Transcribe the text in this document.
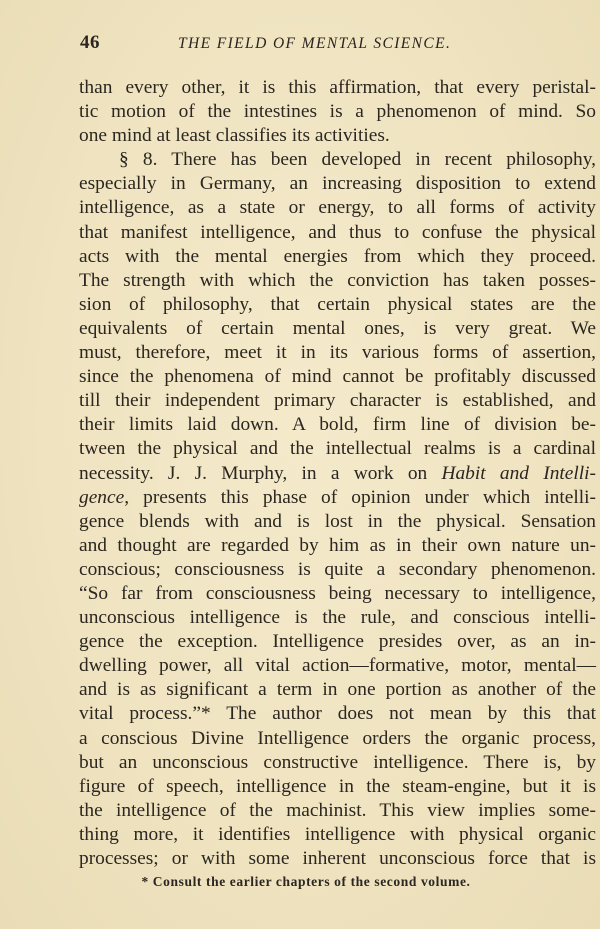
46	THE FIELD OF MENTAL SCIENCE.
than every other, it is this affirmation, that every peristal-
tic motion of the intestines is a phenomenon of mind. So
one mind at least classifies its activities.
§ 8. There has been developed in recent philosophy,
especially in Germany, an increasing disposition to extend
intelligence, as a state or energy, to all forms of activity
that manifest intelligence, and thus to confuse the physical
acts with the mental energies from which they proceed.
The strength with which the conviction has taken posses-
sion of philosophy, that certain physical states are the
equivalents of certain mental ones, is very great. We
must, therefore, meet it in its various forms of assertion,
since the phenomena of mind cannot be profitably discussed
till their independent primary character is established, and
their limits laid down. A bold, firm line of division be-
tween the physical and the intellectual realms is a cardinal
necessity. J. J. Murphy, in a work on Habit and Intelli-
gence, presents this phase of opinion under which intelli-
gence blends with and is lost in the physical. Sensation
and thought are regarded by him as in their own nature un-
conscious; consciousness is quite a secondary phenomenon.
“So far from consciousness being necessary to intelligence,
unconscious intelligence is the rule, and conscious intelli-
gence the exception. Intelligence presides over, as an in-
dwelling power, all vital action—formative, motor, mental—
and is as significant a term in one portion as another of the
vital process.”* The author does not mean by this that
a conscious Divine Intelligence orders the organic process,
but an unconscious constructive intelligence. There is, by
figure of speech, intelligence in the steam-engine, but it is
the intelligence of the machinist. This view implies some-
thing more, it identifies intelligence with physical organic
processes; or with some inherent unconscious force that is
* Consult the earlier chapters of the second volume.
